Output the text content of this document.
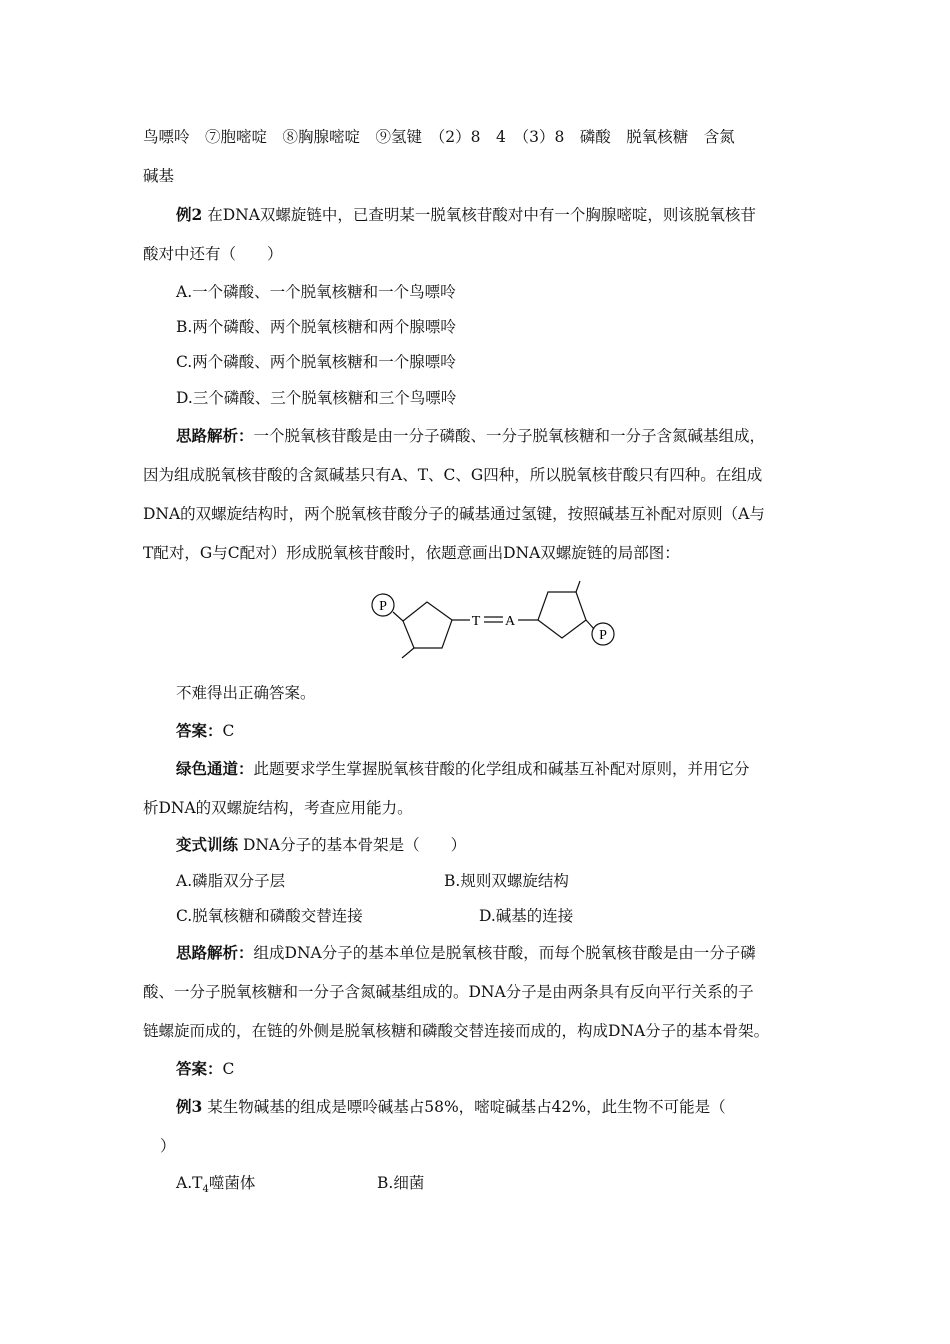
鸟嘌呤　⑦胞嘧啶　⑧胸腺嘧啶　⑨氢键　（2）8　4　（3）8　磷酸　脱氧核糖　含氮
碱基
例2 在DNA双螺旋链中，已查明某一脱氧核苷酸对中有一个胸腺嘧啶，则该脱氧核苷
酸对中还有（　　）
A.一个磷酸、一个脱氧核糖和一个鸟嘌呤
B.两个磷酸、两个脱氧核糖和两个腺嘌呤
C.两个磷酸、两个脱氧核糖和一个腺嘌呤
D.三个磷酸、三个脱氧核糖和三个鸟嘌呤
思路解析：一个脱氧核苷酸是由一分子磷酸、一分子脱氧核糖和一分子含氮碱基组成，
因为组成脱氧核苷酸的含氮碱基只有A、T、C、G四种，所以脱氧核苷酸只有四种。在组成
DNA的双螺旋结构时，两个脱氧核苷酸分子的碱基通过氢键，按照碱基互补配对原则（A与
T配对，G与C配对）形成脱氧核苷酸时，依题意画出DNA双螺旋链的局部图：
P
T A
P
不难得出正确答案。
答案：C
绿色通道：此题要求学生掌握脱氧核苷酸的化学组成和碱基互补配对原则，并用它分
析DNA的双螺旋结构，考查应用能力。
变式训练 DNA分子的基本骨架是（　　）
A.磷脂双分子层	B.规则双螺旋结构
C.脱氧核糖和磷酸交替连接	D.碱基的连接
思路解析：组成DNA分子的基本单位是脱氧核苷酸，而每个脱氧核苷酸是由一分子磷
酸、一分子脱氧核糖和一分子含氮碱基组成的。DNA分子是由两条具有反向平行关系的子
链螺旋而成的，在链的外侧是脱氧核糖和磷酸交替连接而成的，构成DNA分子的基本骨架。
答案：C
例3 某生物碱基的组成是嘌呤碱基占58%，嘧啶碱基占42%，此生物不可能是（
）
$A.T_4$噬菌体	B.细菌
